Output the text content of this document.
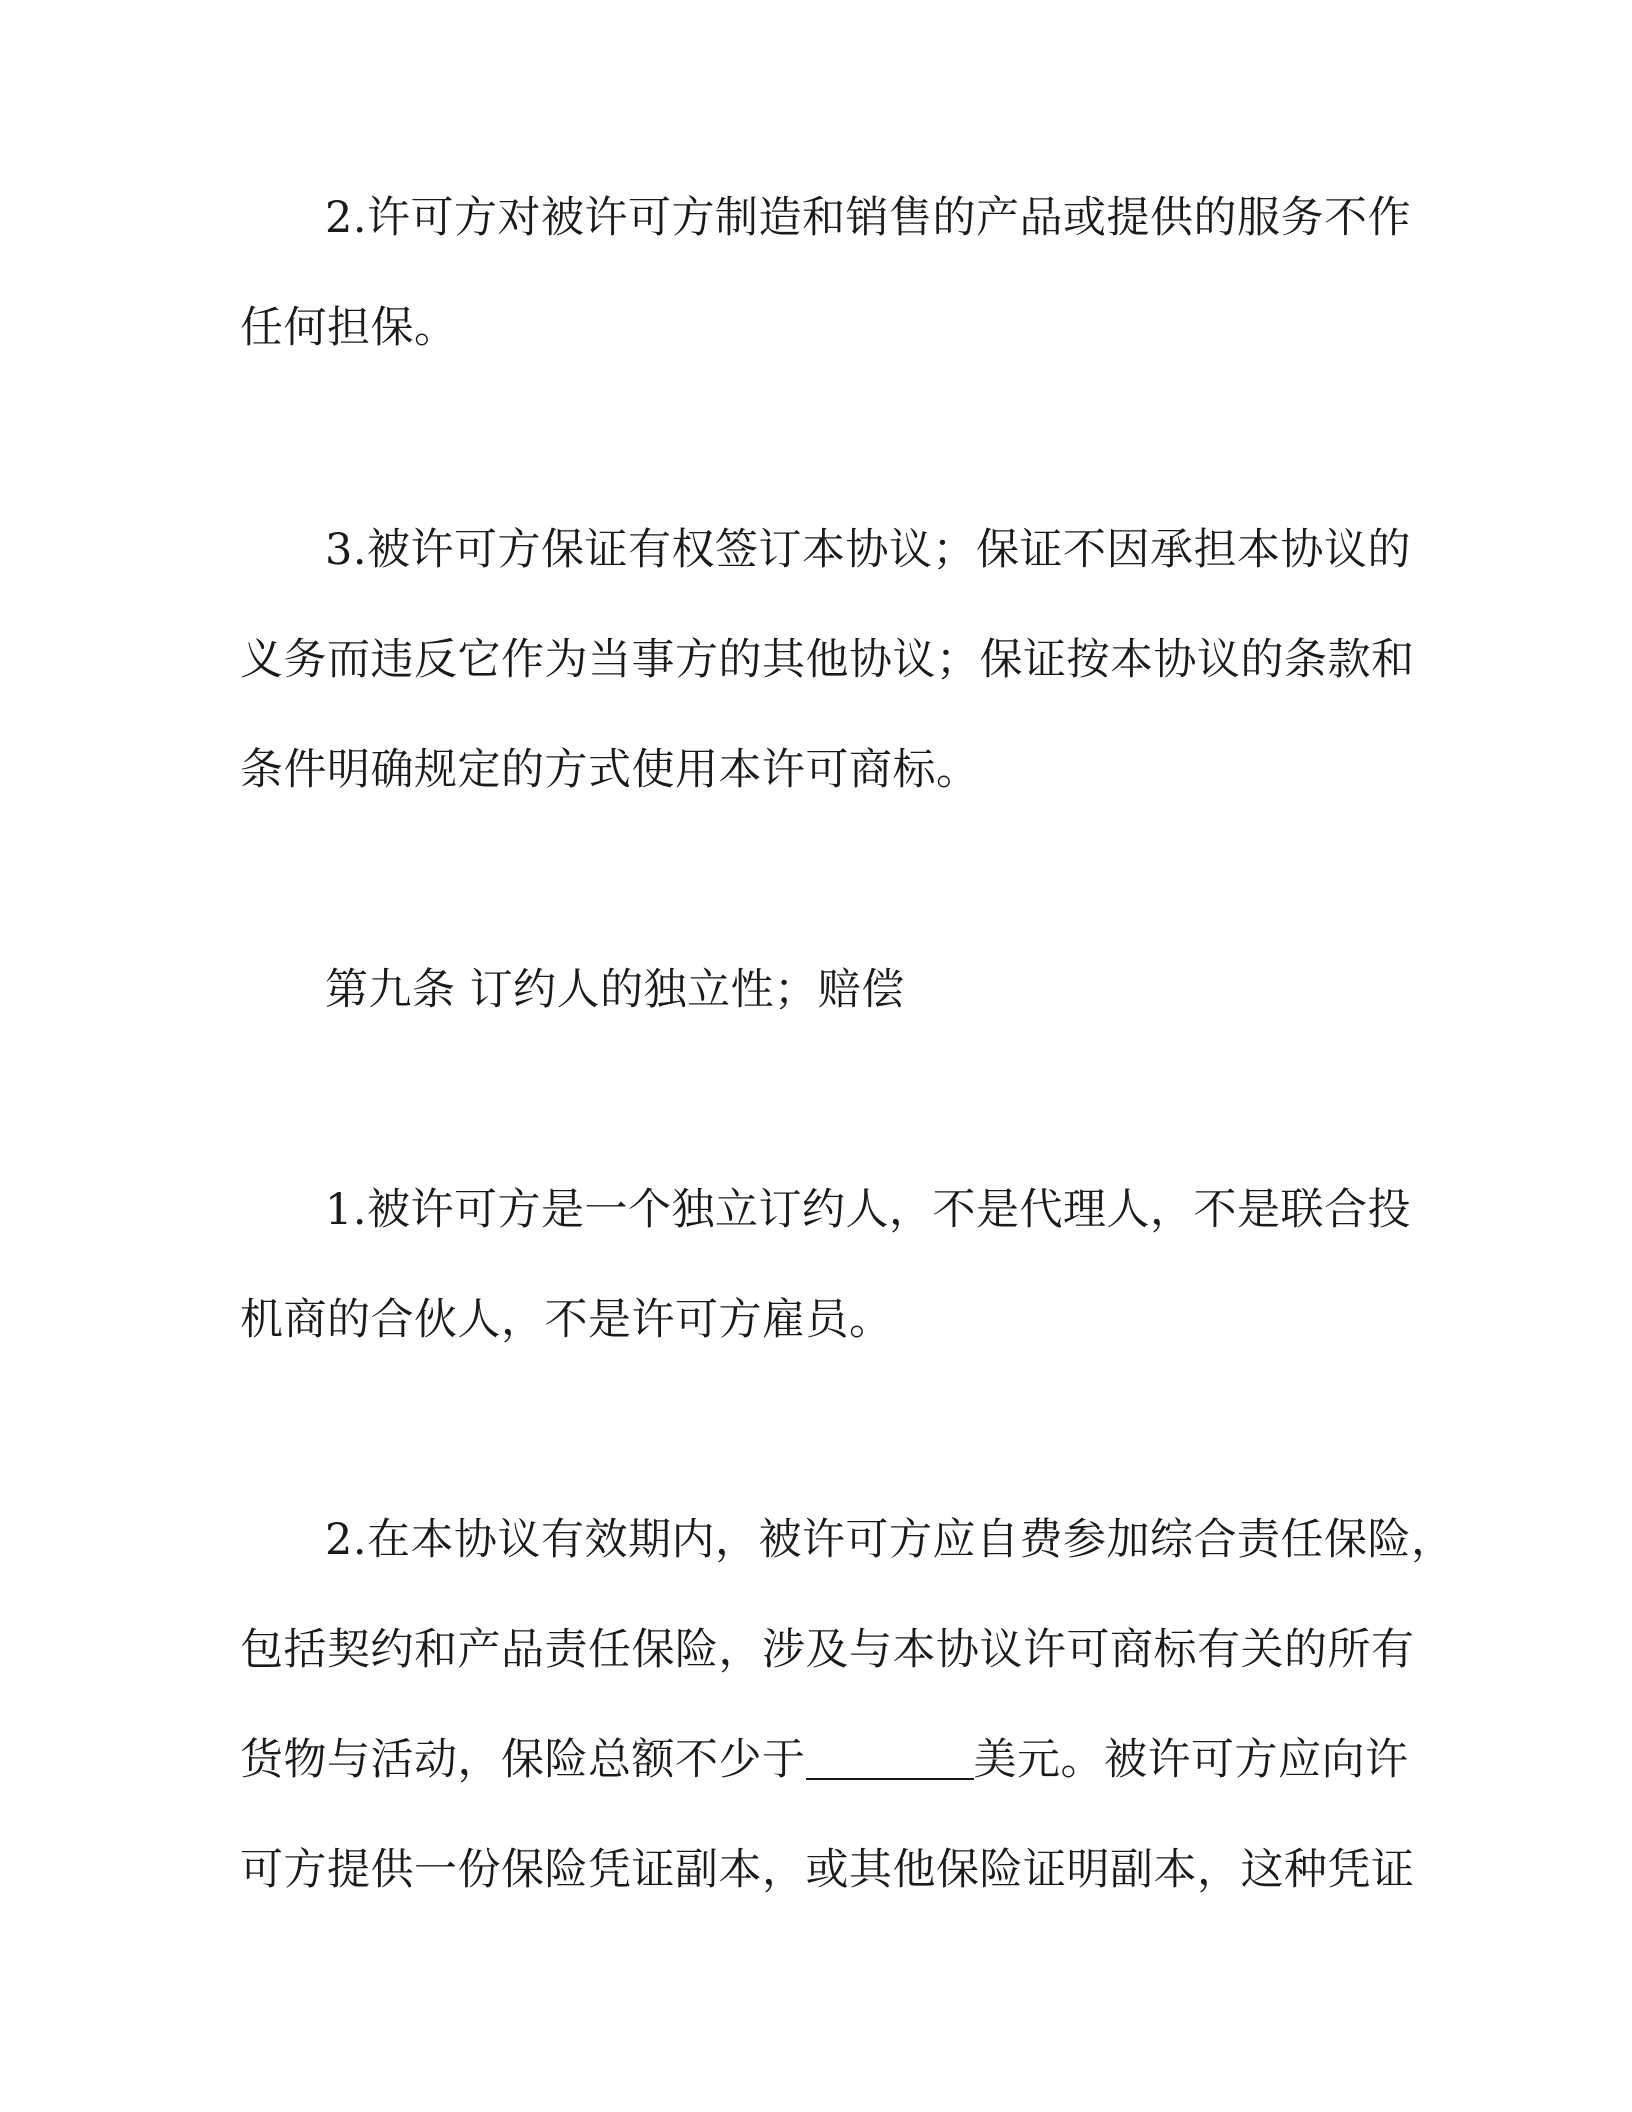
2.许可方对被许可方制造和销售的产品或提供的服务不作
任何担保。
3.被许可方保证有权签订本协议；保证不因承担本协议的
义务而违反它作为当事方的其他协议；保证按本协议的条款和
条件明确规定的方式使用本许可商标。
第九条 订约人的独立性；赔偿
1.被许可方是一个独立订约人，不是代理人，不是联合投
机商的合伙人，不是许可方雇员。
2.在本协议有效期内，被许可方应自费参加综合责任保险，
包括契约和产品责任保险，涉及与本协议许可商标有关的所有
货物与活动，保险总额不少于	美元。被许可方应向许
可方提供一份保险凭证副本，或其他保险证明副本，这种凭证
